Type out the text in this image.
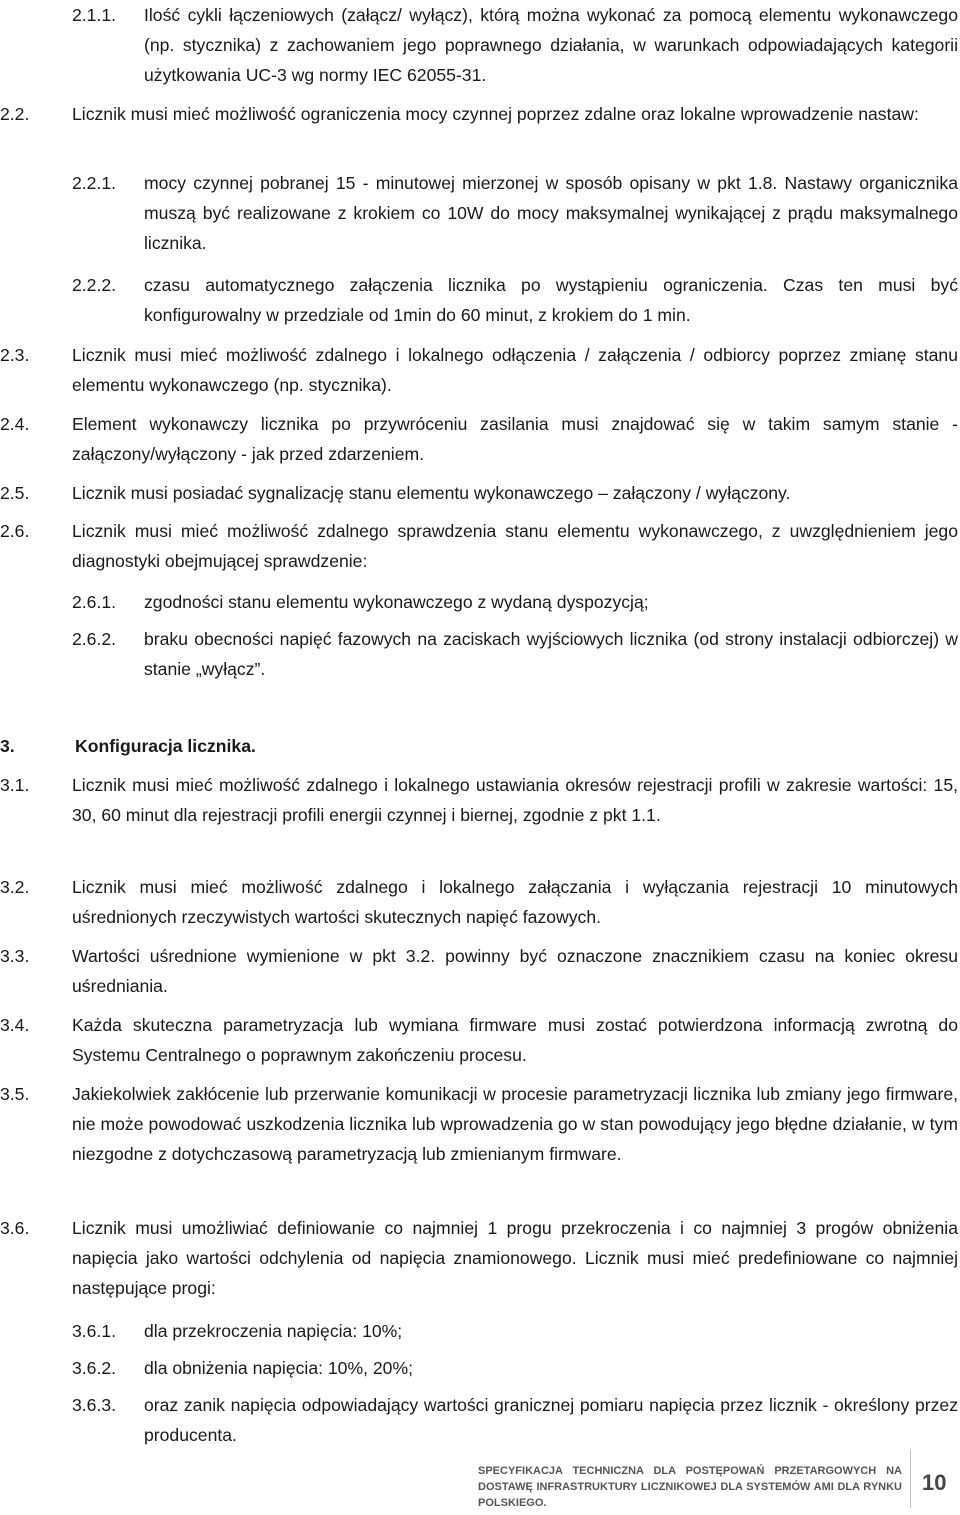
2.1.1. Ilość cykli łączeniowych (załącz/ wyłącz), którą można wykonać za pomocą elementu wykonawczego (np. stycznika) z zachowaniem jego poprawnego działania, w warunkach odpowiadających kategorii użytkowania UC-3 wg normy IEC 62055-31.
2.2. Licznik musi mieć możliwość ograniczenia mocy czynnej poprzez zdalne oraz lokalne wprowadzenie nastaw:
2.2.1. mocy czynnej pobranej 15 - minutowej mierzonej w sposób opisany w pkt 1.8. Nastawy organicznika muszą być realizowane z krokiem co 10W do mocy maksymalnej wynikającej z prądu maksymalnego licznika.
2.2.2. czasu automatycznego załączenia licznika po wystąpieniu ograniczenia. Czas ten musi być konfigurowalny w przedziale od 1min do 60 minut, z krokiem do 1 min.
2.3. Licznik musi mieć możliwość zdalnego i lokalnego odłączenia / załączenia / odbiorcy poprzez zmianę stanu elementu wykonawczego (np. stycznika).
2.4. Element wykonawczy licznika po przywróceniu zasilania musi znajdować się w takim samym stanie - załączony/wyłączony - jak przed zdarzeniem.
2.5. Licznik musi posiadać sygnalizację stanu elementu wykonawczego – załączony / wyłączony.
2.6. Licznik musi mieć możliwość zdalnego sprawdzenia stanu elementu wykonawczego, z uwzględnieniem jego diagnostyki obejmującej sprawdzenie:
2.6.1. zgodności stanu elementu wykonawczego z wydaną dyspozycją;
2.6.2. braku obecności napięć fazowych na zaciskach wyjściowych licznika (od strony instalacji odbiorczej) w stanie „wyłącz”.
3.	Konfiguracja licznika.
3.1. Licznik musi mieć możliwość zdalnego i lokalnego ustawiania okresów rejestracji profili w zakresie wartości: 15, 30, 60 minut dla rejestracji profili energii czynnej i biernej, zgodnie z pkt 1.1.
3.2. Licznik musi mieć możliwość zdalnego i lokalnego załączania i wyłączania rejestracji 10 minutowych uśrednionych rzeczywistych wartości skutecznych napięć fazowych.
3.3. Wartości uśrednione wymienione w pkt 3.2. powinny być oznaczone znacznikiem czasu na koniec okresu uśredniania.
3.4. Każda skuteczna parametryzacja lub wymiana firmware musi zostać potwierdzona informacją zwrotną do Systemu Centralnego o poprawnym zakończeniu procesu.
3.5. Jakiekolwiek zakłócenie lub przerwanie komunikacji w procesie parametryzacji licznika lub zmiany jego firmware, nie może powodować uszkodzenia licznika lub wprowadzenia go w stan powodujący jego błędne działanie, w tym niezgodne z dotychczasową parametryzacją lub zmienianym firmware.
3.6. Licznik musi umożliwiać definiowanie co najmniej 1 progu przekroczenia i co najmniej 3 progów obniżenia napięcia jako wartości odchylenia od napięcia znamionowego. Licznik musi mieć predefiniowane co najmniej następujące progi:
3.6.1. dla przekroczenia napięcia: 10%;
3.6.2. dla obniżenia napięcia: 10%, 20%;
3.6.3. oraz zanik napięcia odpowiadający wartości granicznej pomiaru napięcia przez licznik - określony przez producenta.
SPECYFIKACJA TECHNICZNA DLA POSTĘPOWAŃ PRZETARGOWYCH NA DOSTAWĘ INFRASTRUKTURY LICZNIKOWEJ DLA SYSTEMÓW AMI DLA RYNKU POLSKIEGO.
10
